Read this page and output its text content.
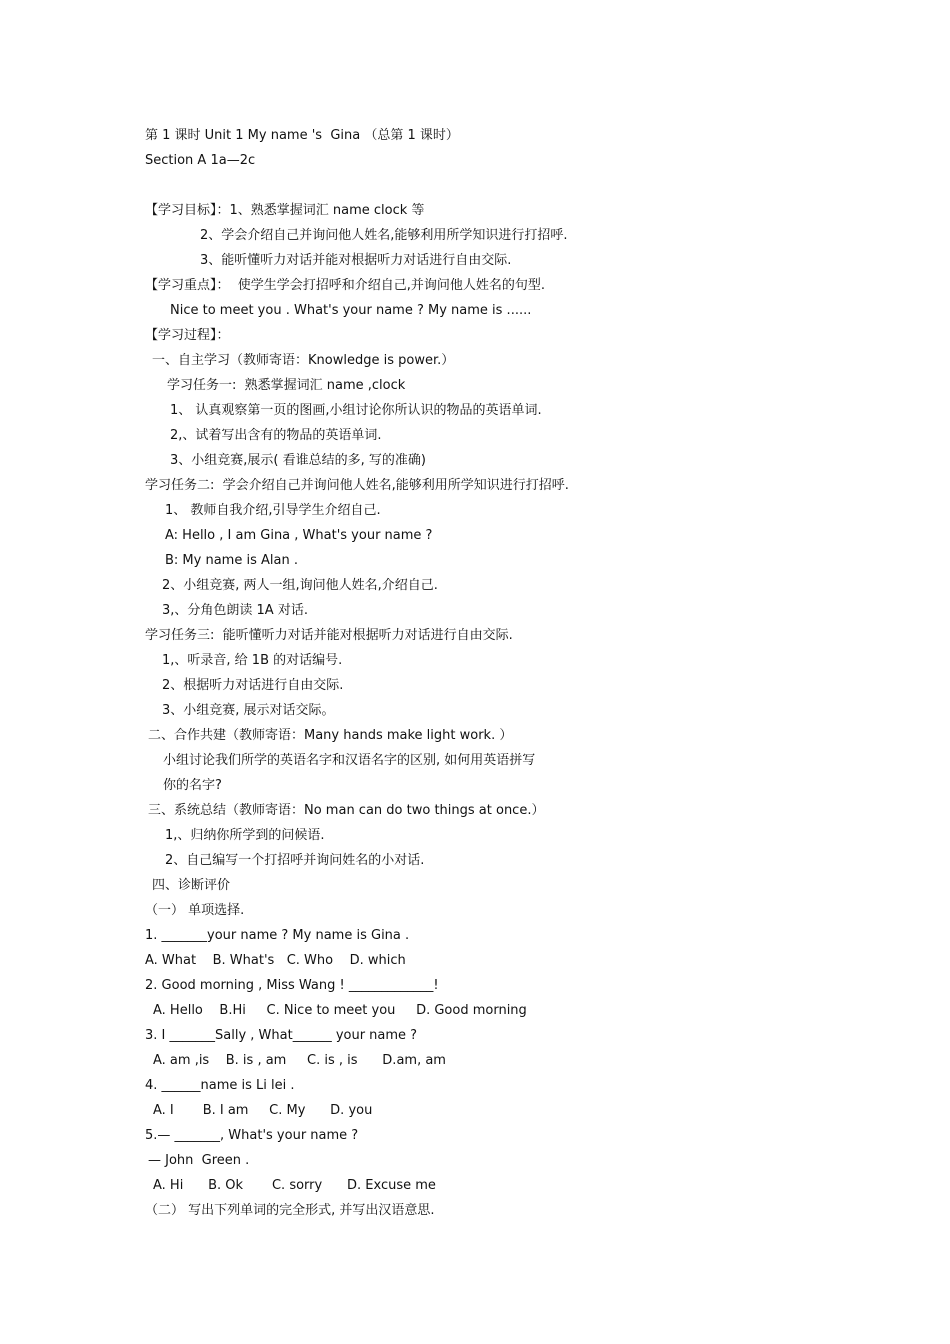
第 1 课时 Unit 1 My name 's  Gina （总第 1 课时）
Section A 1a—2c
【学习目标】：1、熟悉掌握词汇 name clock 等
2、学会介绍自己并询问他人姓名,能够利用所学知识进行打招呼.
3、能听懂听力对话并能对根据听力对话进行自由交际.
【学习重点】：  使学生学会打招呼和介绍自己,并询问他人姓名的句型.
Nice to meet you . What's your name ? My name is ......
【学习过程】：
一、自主学习（教师寄语：Knowledge is power.）
学习任务一:  熟悉掌握词汇 name ,clock
1、 认真观察第一页的图画,小组讨论你所认识的物品的英语单词.
2,、试着写出含有的物品的英语单词.
3、小组竞赛,展示( 看谁总结的多, 写的准确)
学习任务二:  学会介绍自己并询问他人姓名,能够利用所学知识进行打招呼.
1、 教师自我介绍,引导学生介绍自己.
A: Hello , I am Gina , What's your name ?
B: My name is Alan .
2、小组竞赛, 两人一组,询问他人姓名,介绍自己.
3,、分角色朗读 1A 对话.
学习任务三:  能听懂听力对话并能对根据听力对话进行自由交际.
1,、听录音, 给 1B 的对话编号.
2、根据听力对话进行自由交际.
3、小组竞赛, 展示对话交际。
二、合作共建（教师寄语：Many hands make light work. ）
小组讨论我们所学的英语名字和汉语名字的区别, 如何用英语拼写
你的名字?
三、系统总结（教师寄语：No man can do two things at once.）
1,、归纳你所学到的问候语.
2、自己编写一个打招呼并询问姓名的小对话.
四、诊断评价
（一） 单项选择.
1. _______your name ? My name is Gina .
A. What    B. What's   C. Who    D. which
2. Good morning , Miss Wang ! _____________!
A. Hello    B.Hi     C. Nice to meet you     D. Good morning
3. I _______Sally , What______ your name ?
A. am ,is    B. is , am     C. is , is      D.am, am
4. ______name is Li lei .
A. I       B. I am     C. My      D. you
5.— _______, What's your name ?
— John  Green .
A. Hi      B. Ok       C. sorry      D. Excuse me
（二） 写出下列单词的完全形式, 并写出汉语意思.
